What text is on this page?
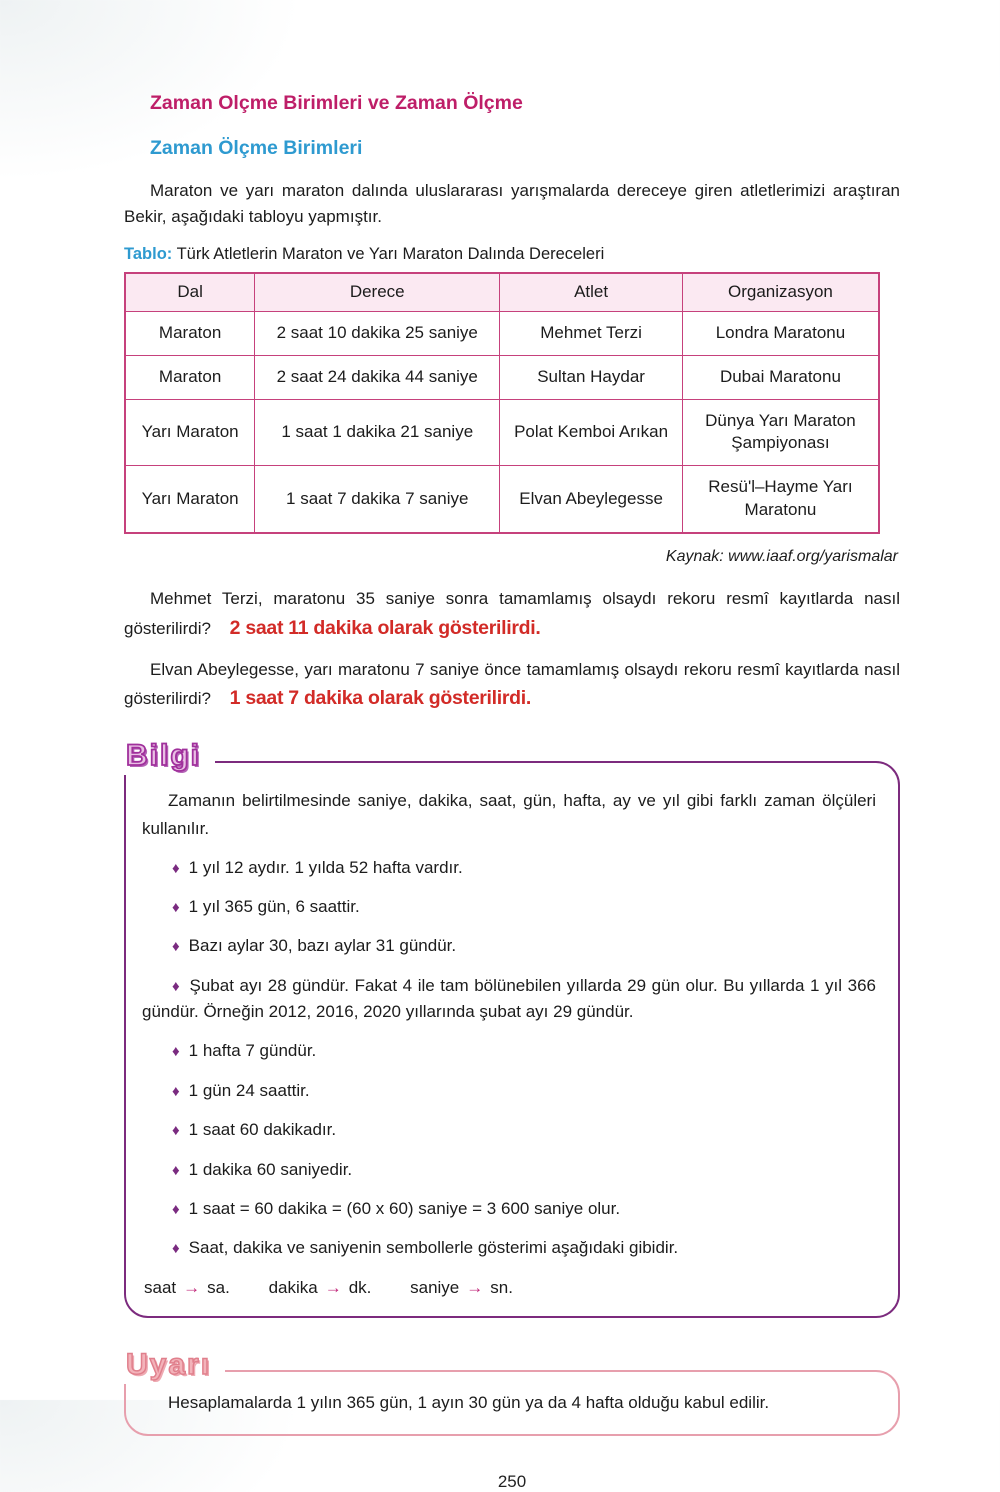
Zaman Olçme Birimleri ve Zaman Ölçme
Zaman Ölçme Birimleri

Maraton ve yarı maraton dalında uluslararası yarışmalarda dereceye giren atletlerimizi araştıran Bekir, aşağıdaki tabloyu yapmıştır.

Tablo: Türk Atletlerin Maraton ve Yarı Maraton Dalında Dereceleri
Dal	Derece	Atlet	Organizasyon
Maraton	2 saat 10 dakika 25 saniye	Mehmet Terzi	Londra Maratonu
Maraton	2 saat 24 dakika 44 saniye	Sultan Haydar	Dubai Maratonu
Yarı Maraton	1 saat 1 dakika 21 saniye	Polat Kemboi Arıkan	Dünya Yarı Maraton Şampiyonası
Yarı Maraton	1 saat 7 dakika 7 saniye	Elvan Abeylegesse	Resü'l–Hayme Yarı Maratonu
Kaynak: www.iaaf.org/yarismalar

Mehmet Terzi, maratonu 35 saniye sonra tamamlamış olsaydı rekoru resmî kayıtlarda nasıl gösterilirdi? 2 saat 11 dakika olarak gösterilirdi.

Elvan Abeylegesse, yarı maratonu 7 saniye önce tamamlamış olsaydı rekoru resmî kayıtlarda nasıl gösterilirdi? 1 saat 7 dakika olarak gösterilirdi.

Bilgi

Zamanın belirtilmesinde saniye, dakika, saat, gün, hafta, ay ve yıl gibi farklı zaman ölçüleri kullanılır.

♦ 1 yıl 12 aydır. 1 yılda 52 hafta vardır.

♦ 1 yıl 365 gün, 6 saattir.

♦ Bazı aylar 30, bazı aylar 31 gündür.

♦ Şubat ayı 28 gündür. Fakat 4 ile tam bölünebilen yıllarda 29 gün olur. Bu yıllarda 1 yıl 366 gündür. Örneğin 2012, 2016, 2020 yıllarında şubat ayı 29 gündür.

♦ 1 hafta 7 gündür.

♦ 1 gün 24 saattir.

♦ 1 saat 60 dakikadır.

♦ 1 dakika 60 saniyedir.

♦ 1 saat = 60 dakika = (60 x 60) saniye = 3 600 saniye olur.

♦ Saat, dakika ve saniyenin sembollerle gösterimi aşağıdaki gibidir.

saat → sa. dakika → dk. saniye → sn.
Uyarı

Hesaplamalarda 1 yılın 365 gün, 1 ayın 30 gün ya da 4 hafta olduğu kabul edilir.

250
